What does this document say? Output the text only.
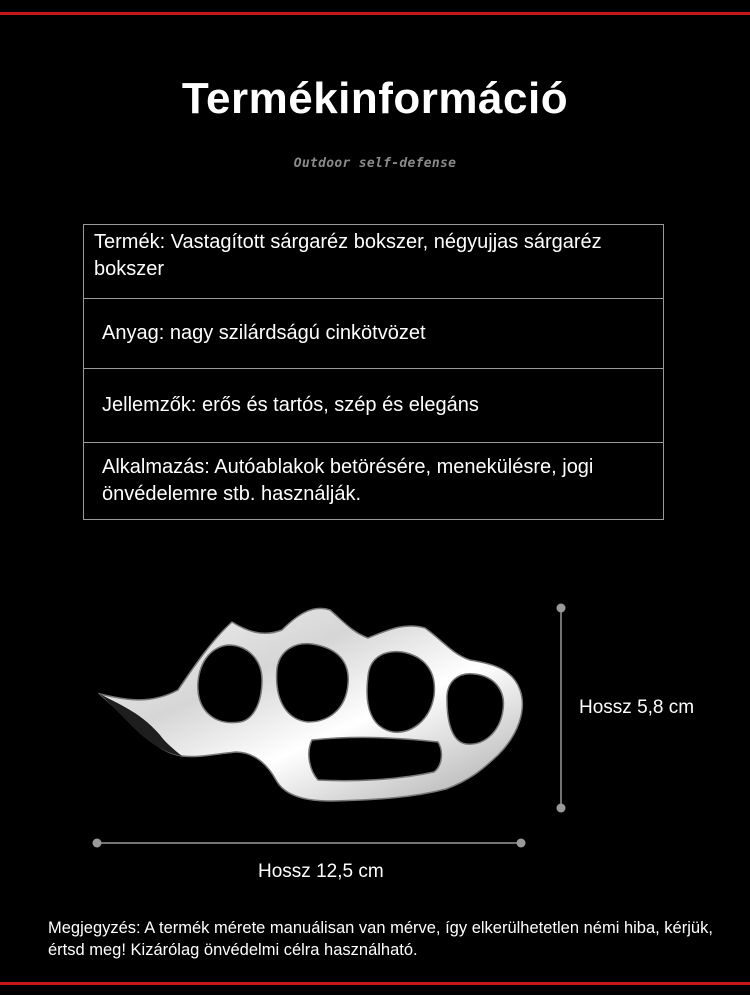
Termékinformáció
Outdoor self-defense
Termék: Vastagított sárgaréz bokszer, négyujjas sárgaréz bokszer
Anyag: nagy szilárdságú cinkötvözet
Jellemzők: erős és tartós, szép és elegáns
Alkalmazás: Autóablakok betörésére, menekülésre, jogi önvédelemre stb. használják.
Hossz 5,8 cm
Hossz 12,5 cm
Megjegyzés: A termék mérete manuálisan van mérve, így elkerülhetetlen némi hiba, kérjük, értsd meg! Kizárólag önvédelmi célra használható.
